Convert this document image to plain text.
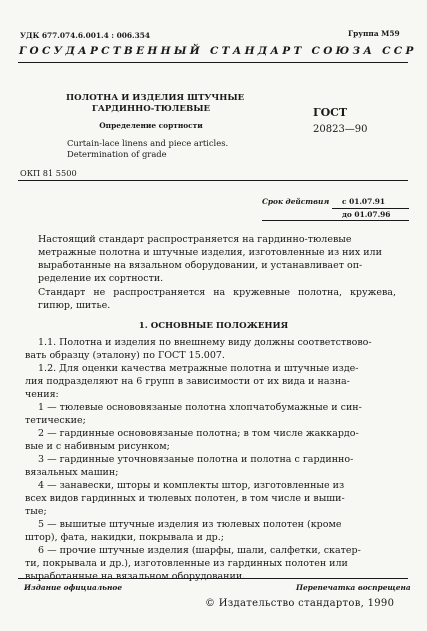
УДК 677.074.6.001.4 : 006.354	Группа М59
ГОСУДАРСТВЕННЫЙ СТАНДАРТ СОЮЗА ССР
ПОЛОТНА И ИЗДЕЛИЯ ШТУЧНЫЕ
ГАРДИННО-ТЮЛЕВЫЕ
Определение сортности
Curtain-lace linens and piece articles.
Determination of grade
ГОСТ
20823—90
ОКП 81 5500
Срок действия с 01.07.91
до 01.07.96
Настоящий стандарт распространяется на гардинно-тюлевые
метражные полотна и штучные изделия, изготовленные из них или
выработанные на вязальном оборудовании, и устанавливает оп-
ределение их сортности.
Стандарт не распространяется на кружевные полотна, кружева, гипюр, шитье.
1. ОСНОВНЫЕ ПОЛОЖЕНИЯ
1.1. Полотна и изделия по внешнему виду должны соответствово-
вать образцу (эталону) по ГОСТ 15.007.
1.2. Для оценки качества метражные полотна и штучные изде-
лия подразделяют на 6 групп в зависимости от их вида и назна-
чения:
1 — тюлевые основовязаные полотна хлопчатобумажные и син-
тетические;
2 — гардинные основовязаные полотна; в том числе жаккардо-
вые и с набивным рисунком;
3 — гардинные уточновязаные полотна и полотна с гардинно-
вязальных машин;
4 — занавески, шторы и комплекты штор, изготовленные из
всех видов гардинных и тюлевых полотен, в том числе и выши-
тые;
5 — вышитые штучные изделия из тюлевых полотен (кроме
штор), фата, накидки, покрывала и др.;
6 — прочие штучные изделия (шарфы, шали, салфетки, скатер-
ти, покрывала и др.), изготовленные из гардинных полотен или
выработанные на вязальном оборудовании.
Издание официальное	Перепечатка воспрещена
© Издательство стандартов, 1990
